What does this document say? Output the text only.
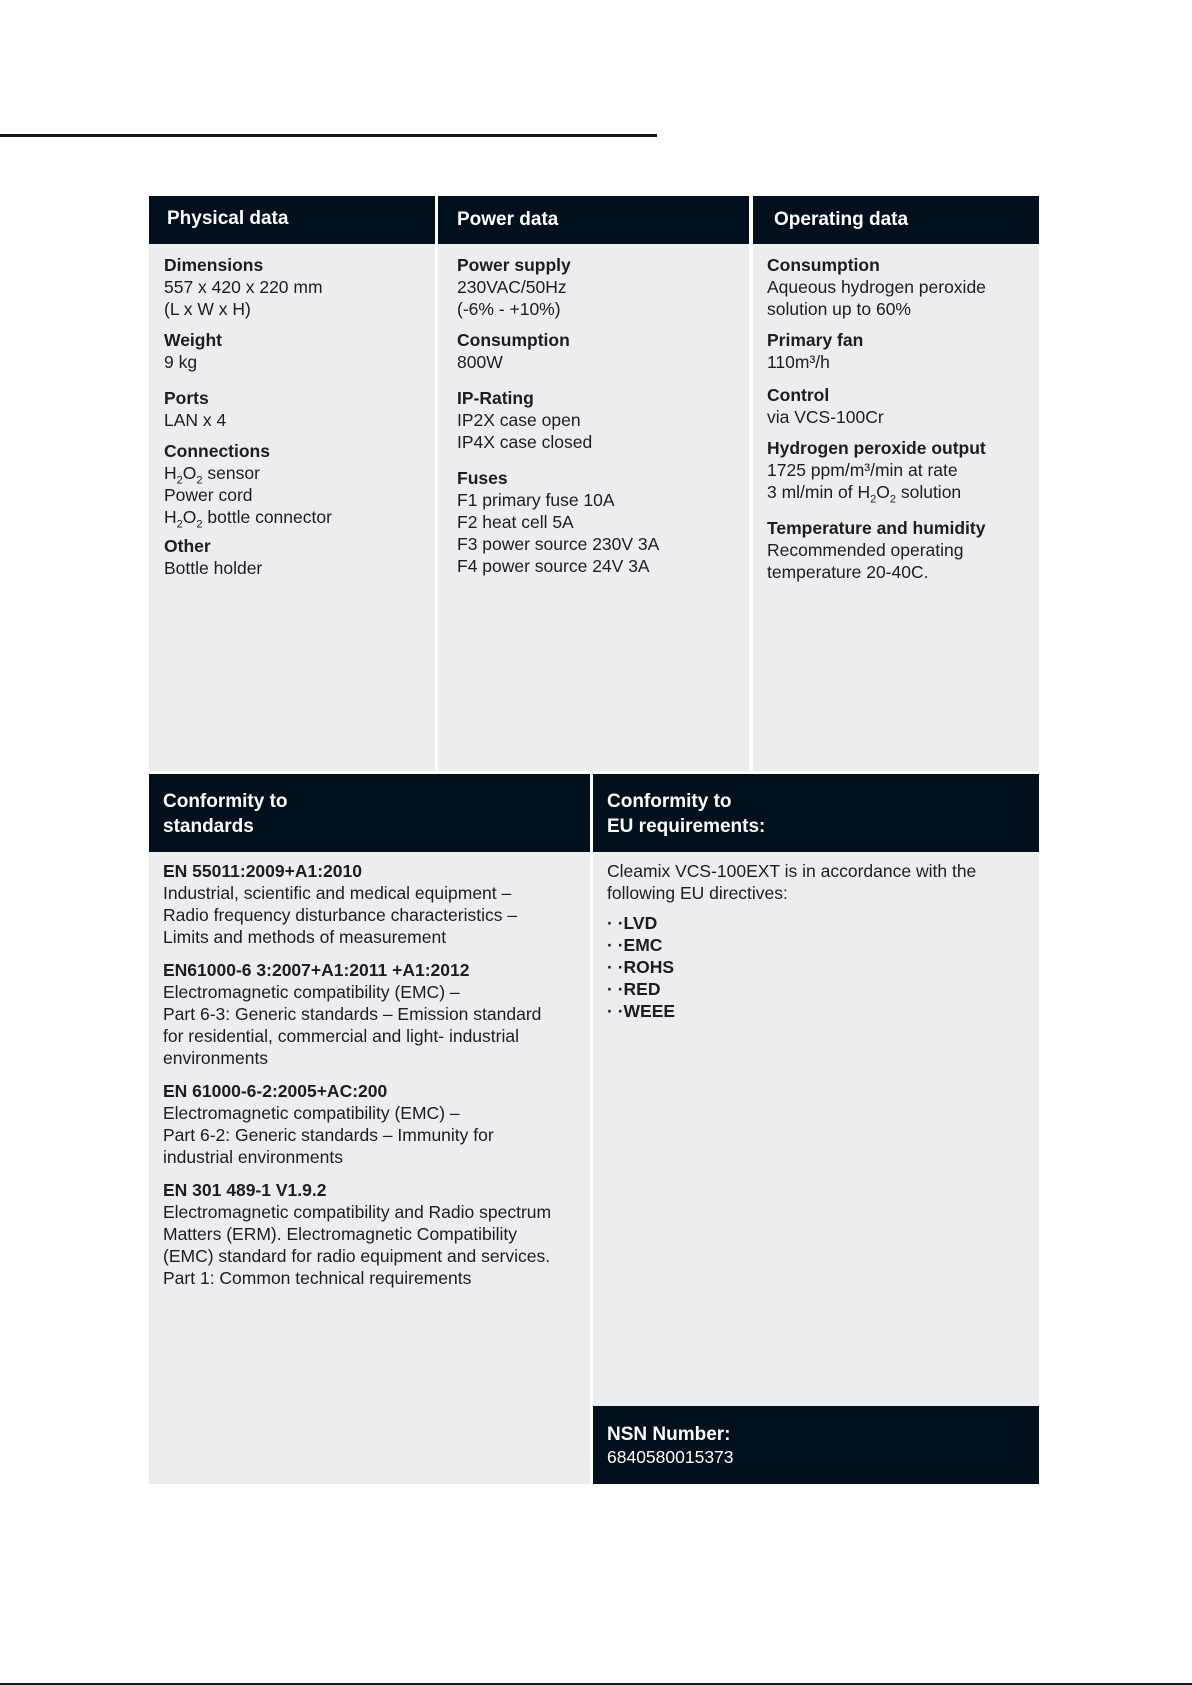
Physical data

Dimensions

557 x 420 x 220 mm

(L x W x H)

Weight

9 kg

Ports

LAN x 4

Connections

$H_2O_2$ sensor

Power cord

$H_2O_2$ bottle connector

Other

Bottle holder

Power data

Power supply

230VAC/50Hz

(-6% - +10%)

Consumption

800W

IP-Rating

IP2X case open

IP4X case closed

Fuses

F1 primary fuse 10A

F2 heat cell 5A

F3 power source 230V 3A

F4 power source 24V 3A

Operating data

Consumption

Aqueous hydrogen peroxide

solution up to 60%

Primary fan

110m³/h

Control

via VCS-100Cr

Hydrogen peroxide output

1725 ppm/m³/min at rate

3 ml/min of $H_2O_2$ solution

Temperature and humidity

Recommended operating

temperature 20-40C.

Conformity to
standards

EN 55011:2009+A1:2010

Industrial, scientific and medical equipment –

Radio frequency disturbance characteristics –

Limits and methods of measurement

EN61000-6 3:2007+A1:2011 +A1:2012

Electromagnetic compatibility (EMC) –

Part 6-3: Generic standards – Emission standard

for residential, commercial and light- industrial

environments

EN 61000-6-2:2005+AC:200

Electromagnetic compatibility (EMC) –

Part 6-2: Generic standards – Immunity for

industrial environments

EN 301 489-1 V1.9.2

Electromagnetic compatibility and Radio spectrum

Matters (ERM). Electromagnetic Compatibility

(EMC) standard for radio equipment and services.

Part 1: Common technical requirements

Conformity to
EU requirements:

Cleamix VCS-100EXT is in accordance with the

following EU directives:

· · LVD
· · EMC
· · ROHS
· · RED
· · WEEE
NSN Number:
6840580015373
